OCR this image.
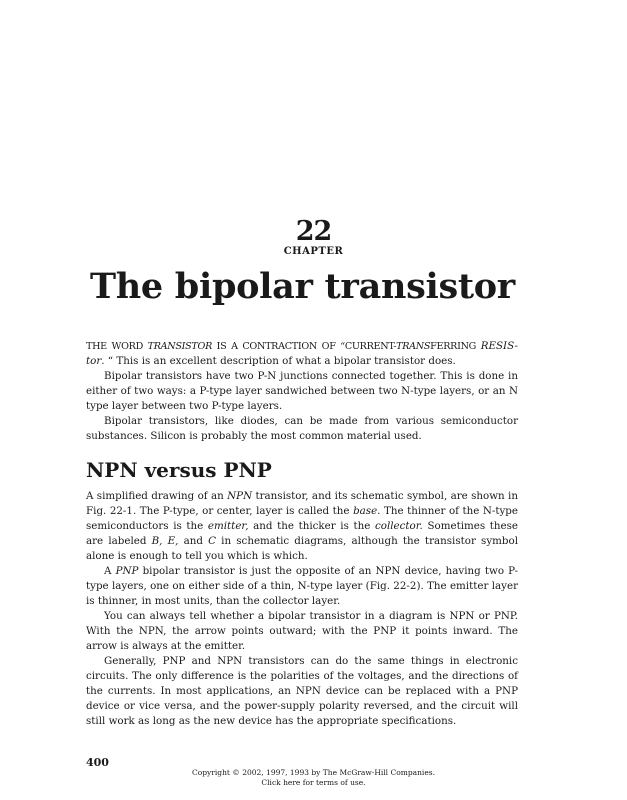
22
CHAPTER
The bipolar transistor

THE WORD TRANSISTOR IS A CONTRACTION OF “CURRENT-TRANSFERRING RESIS-tor. “ This is an excellent description of what a bipolar transistor does.

Bipolar transistors have two P-N junctions connected together. This is done in either of two ways: a P-type layer sandwiched between two N-type layers, or an N type layer between two P-type layers.

Bipolar transistors, like diodes, can be made from various semiconductor substances. Silicon is probably the most common material used.

NPN versus PNP

A simplified drawing of an NPN transistor, and its schematic symbol, are shown in Fig. 22-1. The P-type, or center, layer is called the base. The thinner of the N-type semiconductors is the emitter, and the thicker is the collector. Sometimes these are labeled B, E, and C in schematic diagrams, although the transistor symbol alone is enough to tell you which is which.

A PNP bipolar transistor is just the opposite of an NPN device, having two P-type layers, one on either side of a thin, N-type layer (Fig. 22-2). The emitter layer is thinner, in most units, than the collector layer.

You can always tell whether a bipolar transistor in a diagram is NPN or PNP. With the NPN, the arrow points outward; with the PNP it points inward. The arrow is always at the emitter.

Generally, PNP and NPN transistors can do the same things in electronic circuits. The only difference is the polarities of the voltages, and the directions of the currents. In most applications, an NPN device can be replaced with a PNP device or vice versa, and the power-supply polarity reversed, and the circuit will still work as long as the new device has the appropriate specifications.

400
Copyright © 2002, 1997, 1993 by The McGraw-Hill Companies.
Click here for terms of use.
